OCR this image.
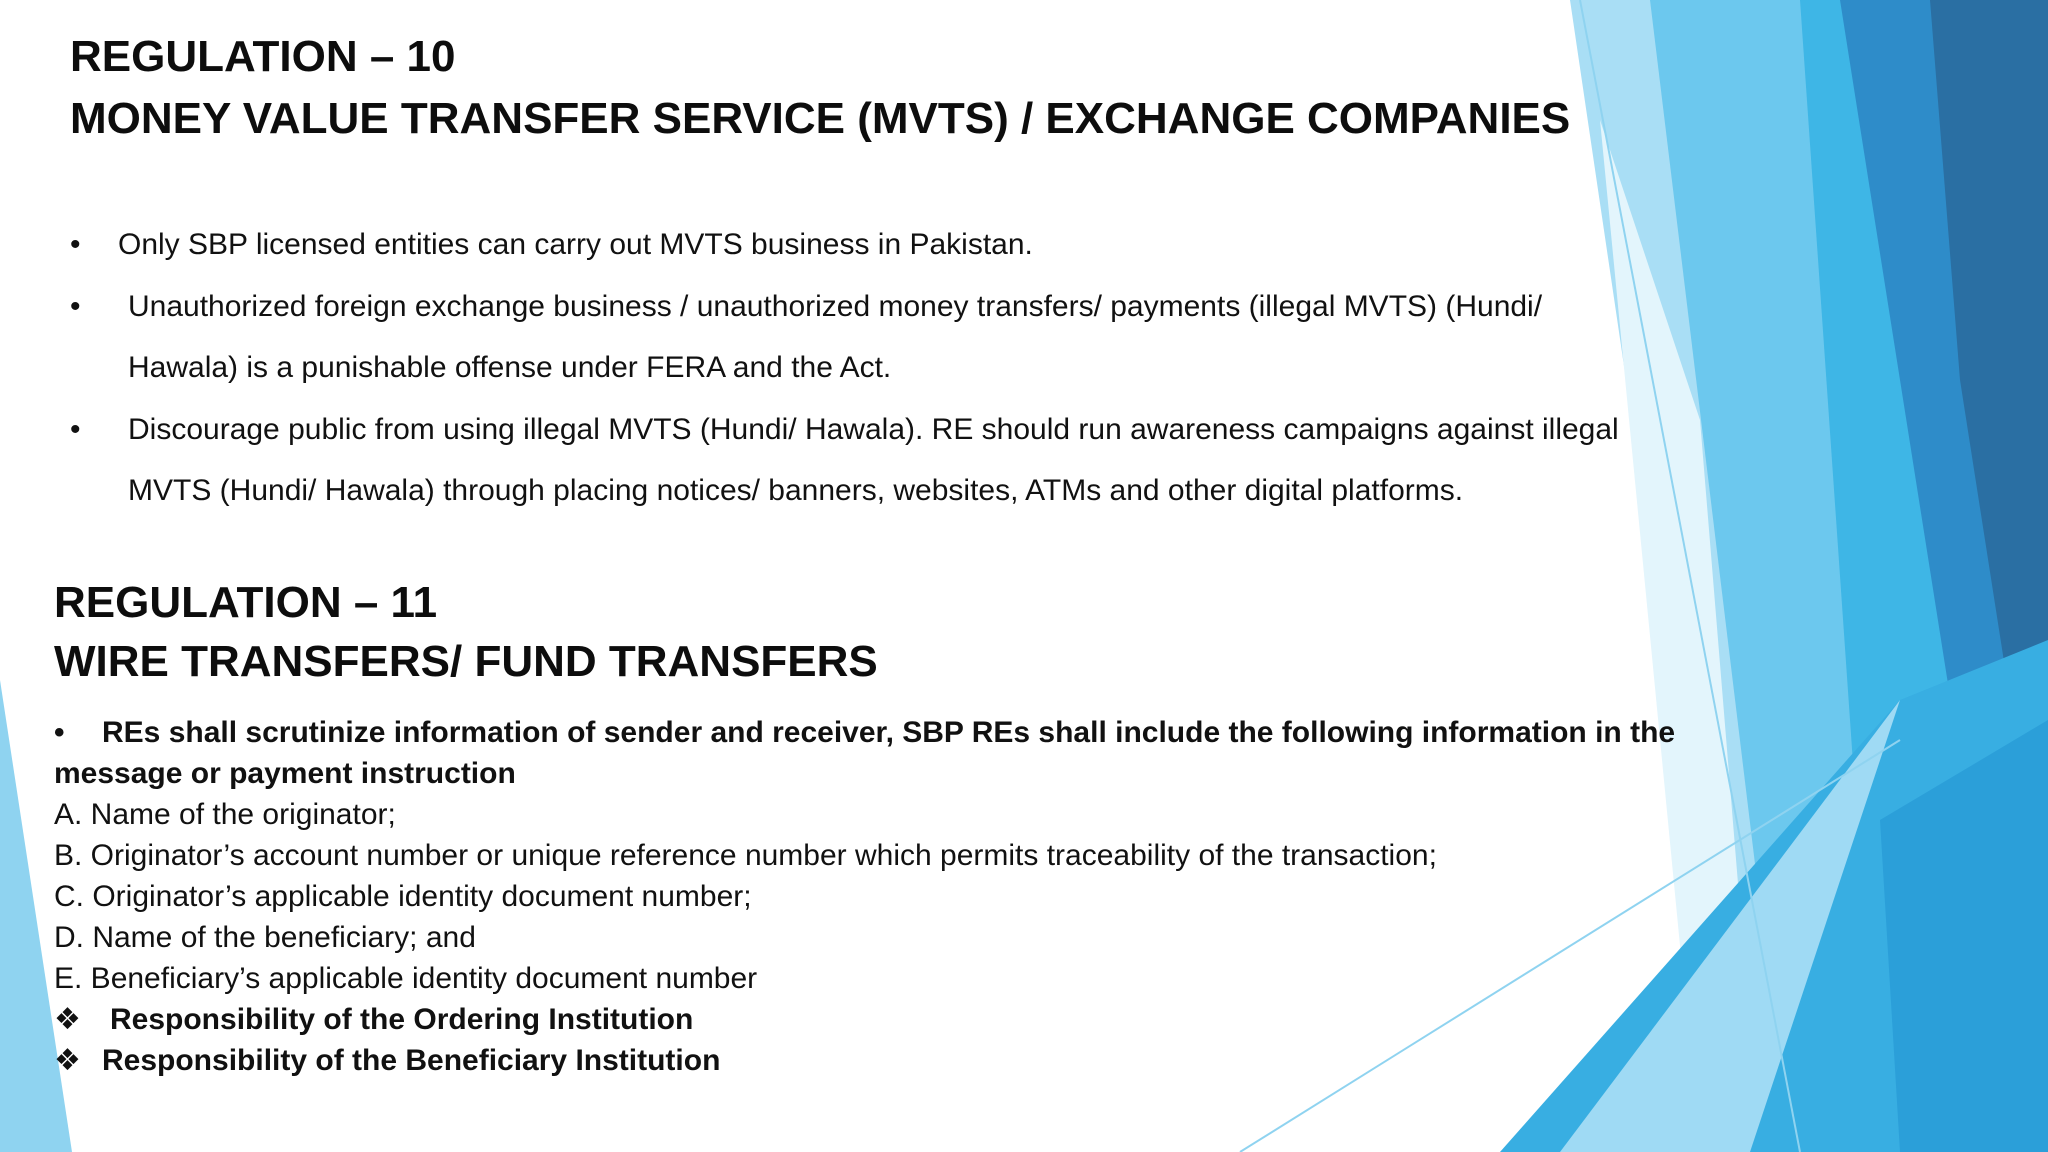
REGULATION – 10
MONEY VALUE TRANSFER SERVICE (MVTS) / EXCHANGE COMPANIES
• Only SBP licensed entities can carry out MVTS business in Pakistan.
• Unauthorized foreign exchange business / unauthorized money transfers/ payments (illegal MVTS) (Hundi/
Hawala) is a punishable offense under FERA and the Act.
• Discourage public from using illegal MVTS (Hundi/ Hawala). RE should run awareness campaigns against illegal
MVTS (Hundi/ Hawala) through placing notices/ banners, websites, ATMs and other digital platforms.
REGULATION – 11
WIRE TRANSFERS/ FUND TRANSFERS
• REs shall scrutinize information of sender and receiver, SBP REs shall include the following information in the
message or payment instruction
A. Name of the originator;
B. Originator’s account number or unique reference number which permits traceability of the transaction;
C. Originator’s applicable identity document number;
D. Name of the beneficiary; and
E. Beneficiary’s applicable identity document number
❖ Responsibility of the Ordering Institution
❖ Responsibility of the Beneficiary Institution
